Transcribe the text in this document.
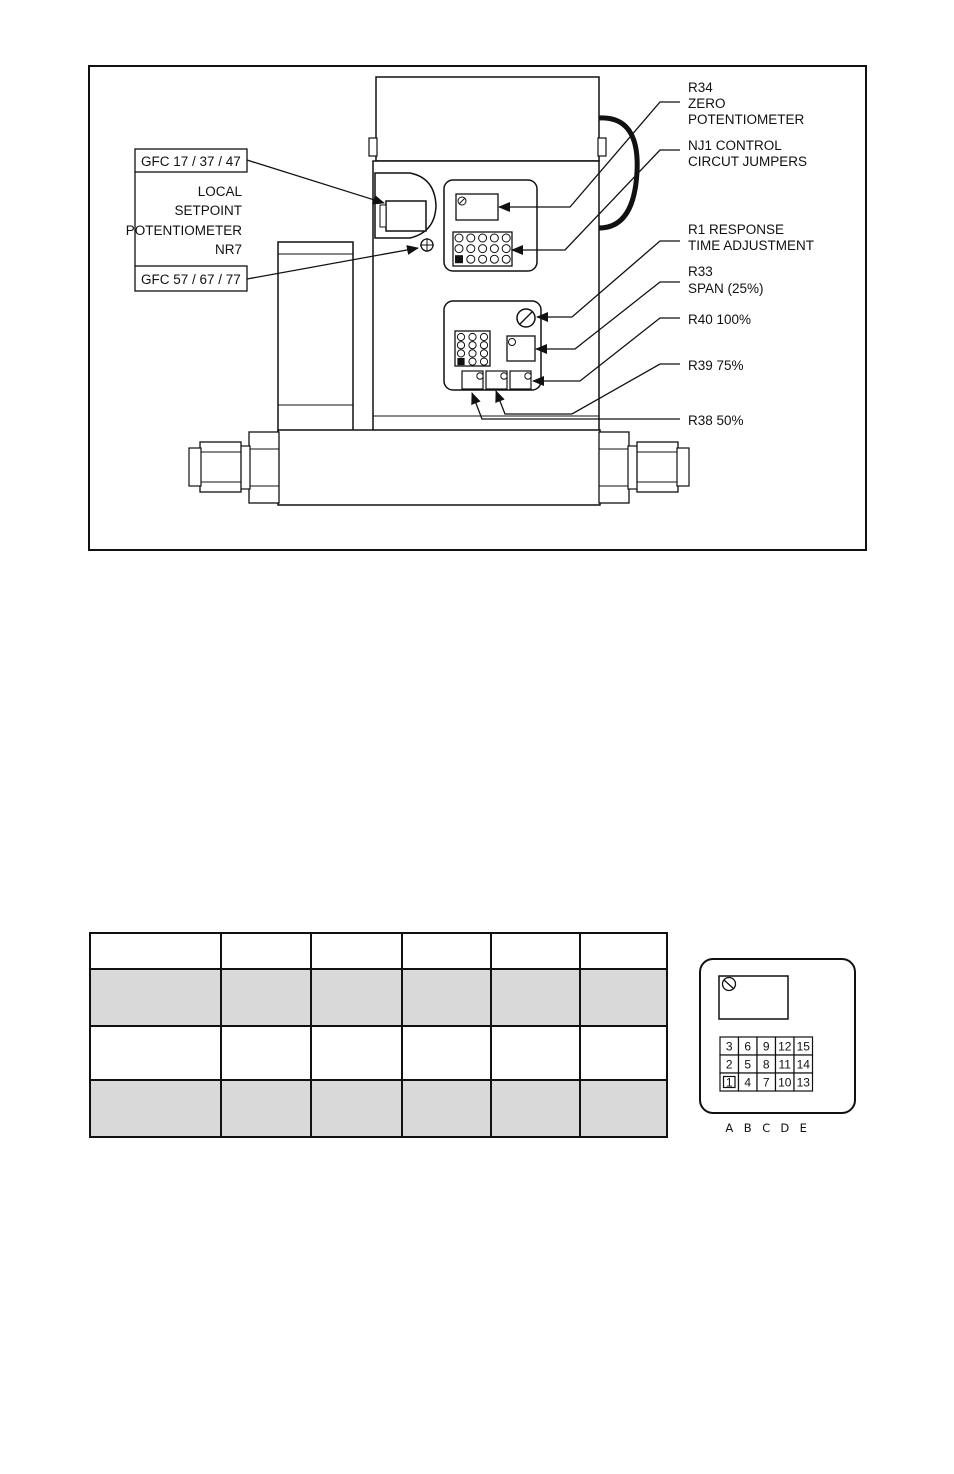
GFC 17 / 37 / 47
LOCAL
SETPOINT
POTENTIOMETER
NR7
GFC 57 / 67 / 77
R34
ZERO
POTENTIOMETER
NJ1 CONTROL
CIRCUT JUMPERS
R1 RESPONSE
TIME ADJUSTMENT
R33
SPAN (25%)
R40 100%
R39 75%
R38 50%

3 6 9 12 15
2 5 8 11 14
1 4 7 10 13
A B C D E
